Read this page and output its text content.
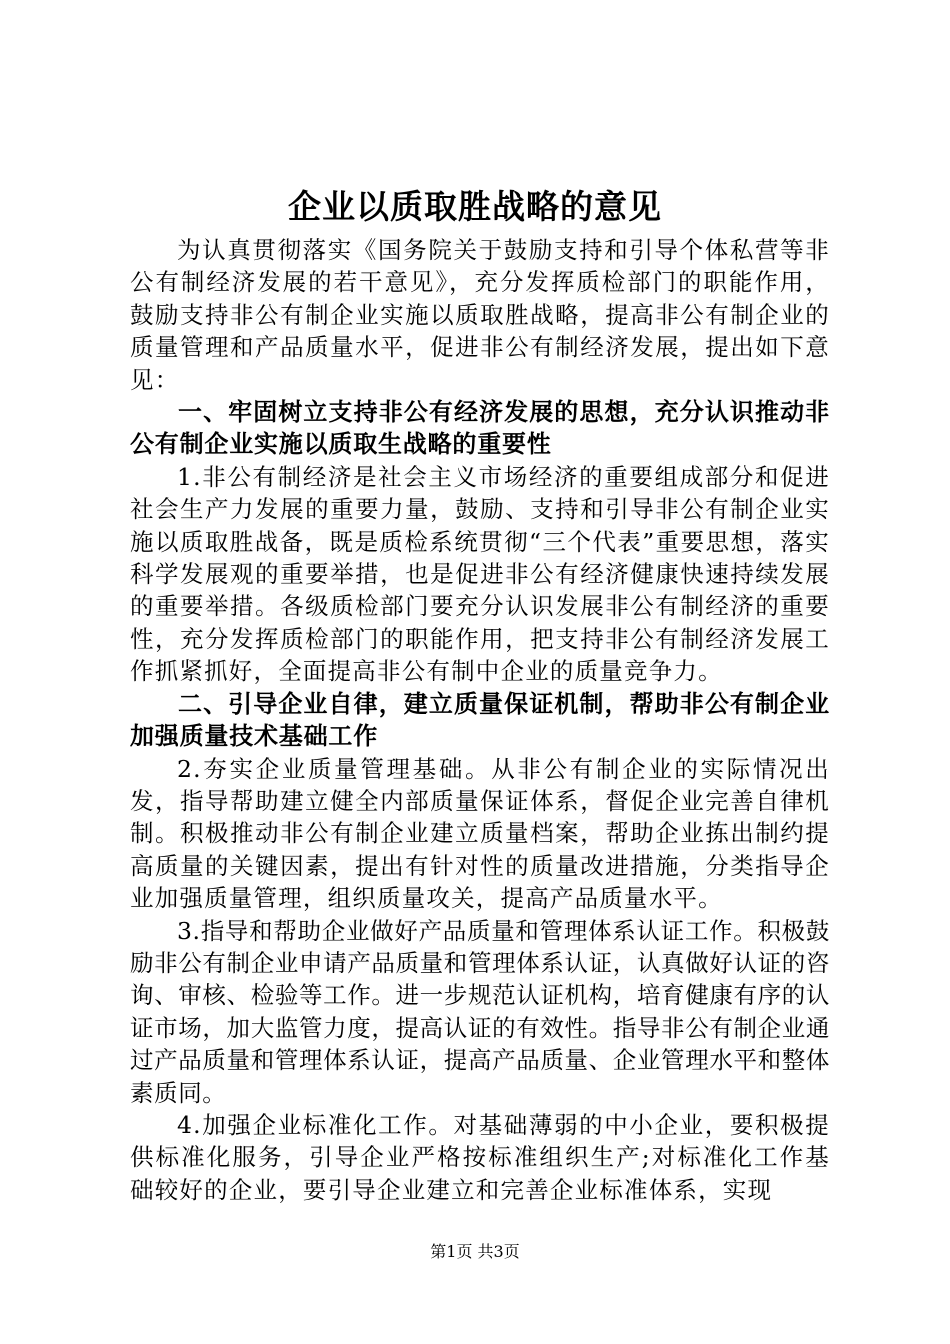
企业以质取胜战略的意见

为认真贯彻落实《国务院关于鼓励支持和引导个体私营等非公有制经济发展的若干意见》，充分发挥质检部门的职能作用，鼓励支持非公有制企业实施以质取胜战略，提高非公有制企业的质量管理和产品质量水平，促进非公有制经济发展，提出如下意见：

一、牢固树立支持非公有经济发展的思想，充分认识推动非公有制企业实施以质取生战略的重要性

1.非公有制经济是社会主义市场经济的重要组成部分和促进社会生产力发展的重要力量，鼓励、支持和引导非公有制企业实施以质取胜战备，既是质检系统贯彻“三个代表”重要思想，落实科学发展观的重要举措，也是促进非公有经济健康快速持续发展的重要举措。各级质检部门要充分认识发展非公有制经济的重要性，充分发挥质检部门的职能作用，把支持非公有制经济发展工作抓紧抓好，全面提高非公有制中企业的质量竞争力。

二、引导企业自律，建立质量保证机制，帮助非公有制企业加强质量技术基础工作

2.夯实企业质量管理基础。从非公有制企业的实际情况出发，指导帮助建立健全内部质量保证体系，督促企业完善自律机制。积极推动非公有制企业建立质量档案，帮助企业拣出制约提高质量的关键因素，提出有针对性的质量改进措施，分类指导企业加强质量管理，组织质量攻关，提高产品质量水平。

3.指导和帮助企业做好产品质量和管理体系认证工作。积极鼓励非公有制企业申请产品质量和管理体系认证，认真做好认证的咨询、审核、检验等工作。进一步规范认证机构，培育健康有序的认证市场，加大监管力度，提高认证的有效性。指导非公有制企业通过产品质量和管理体系认证，提高产品质量、企业管理水平和整体素质同。

4.加强企业标准化工作。对基础薄弱的中小企业，要积极提供标准化服务，引导企业严格按标准组织生产;对标准化工作基础较好的企业，要引导企业建立和完善企业标准体系，实现

第1页 共3页
